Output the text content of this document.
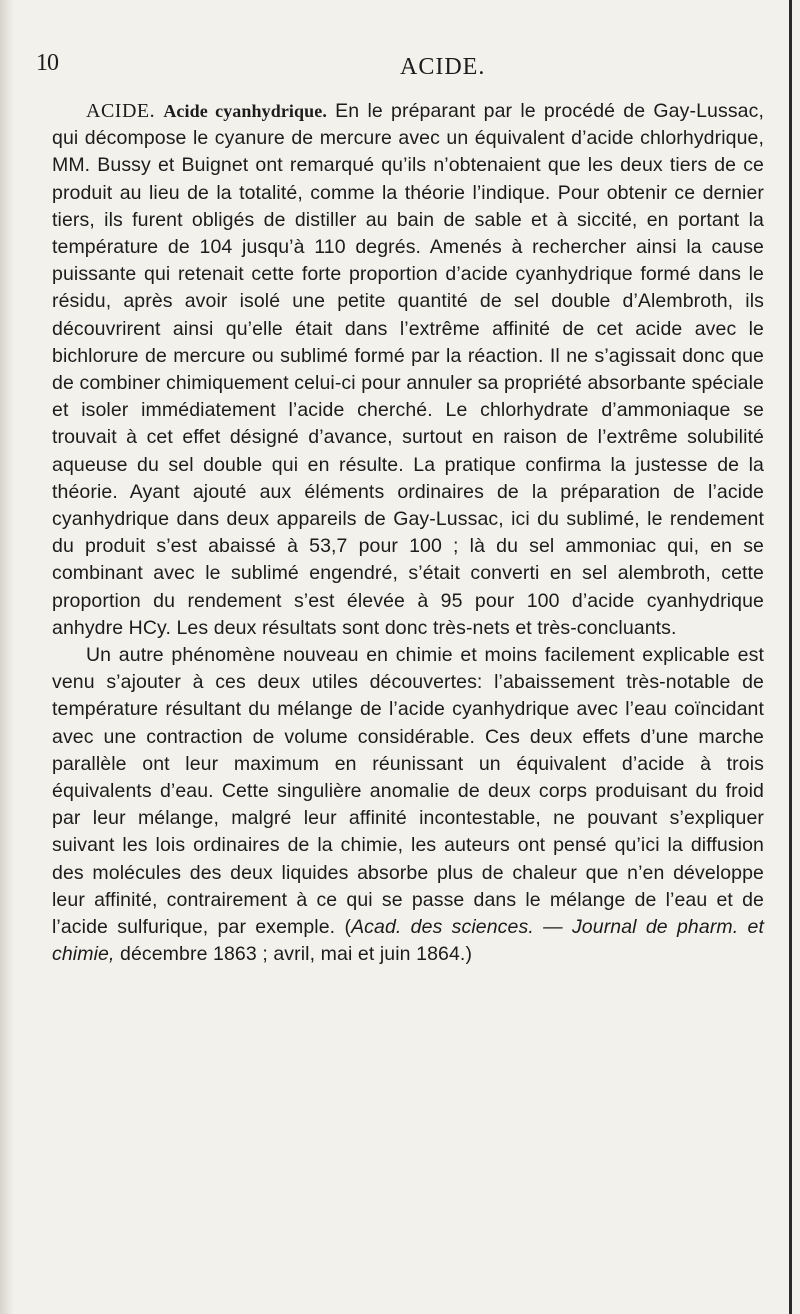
10	ACIDE.

ACIDE. Acide cyanhydrique. En le préparant par le procédé de Gay-Lussac, qui décompose le cyanure de mercure avec un équivalent d’acide chlorhydrique, MM. Bussy et Buignet ont remarqué qu’ils n’obtenaient que les deux tiers de ce produit au lieu de la totalité, comme la théorie l’indique. Pour obtenir ce dernier tiers, ils furent obligés de distiller au bain de sable et à siccité, en portant la température de 104 jusqu’à 110 degrés. Amenés à rechercher ainsi la cause puissante qui retenait cette forte proportion d’acide cyanhydrique formé dans le résidu, après avoir isolé une petite quantité de sel double d’Alembroth, ils découvrirent ainsi qu’elle était dans l’extrême affinité de cet acide avec le bichlorure de mercure ou sublimé formé par la réaction. Il ne s’agissait donc que de combiner chimiquement celui-ci pour annuler sa propriété absorbante spéciale et isoler immédiatement l’acide cherché. Le chlorhydrate d’ammoniaque se trouvait à cet effet désigné d’avance, surtout en raison de l’extrême solubilité aqueuse du sel double qui en résulte. La pratique confirma la justesse de la théorie. Ayant ajouté aux éléments ordinaires de la préparation de l’acide cyanhydrique dans deux appareils de Gay-Lussac, ici du sublimé, le rendement du produit s’est abaissé à 53,7 pour 100 ; là du sel ammoniac qui, en se combinant avec le sublimé engendré, s’était converti en sel alembroth, cette proportion du rendement s’est élevée à 95 pour 100 d’acide cyanhydrique anhydre HCy. Les deux résultats sont donc très-nets et très-concluants.

Un autre phénomène nouveau en chimie et moins facilement explicable est venu s’ajouter à ces deux utiles découvertes: l’abaissement très-notable de température résultant du mélange de l’acide cyanhydrique avec l’eau coïncidant avec une contraction de volume considérable. Ces deux effets d’une marche parallèle ont leur maximum en réunissant un équivalent d’acide à trois équivalents d’eau. Cette singulière anomalie de deux corps produisant du froid par leur mélange, malgré leur affinité incontestable, ne pouvant s’expliquer suivant les lois ordinaires de la chimie, les auteurs ont pensé qu’ici la diffusion des molécules des deux liquides absorbe plus de chaleur que n’en développe leur affinité, contrairement à ce qui se passe dans le mélange de l’eau et de l’acide sulfurique, par exemple. (Acad. des sciences. — Journal de pharm. et chimie, décembre 1863 ; avril, mai et juin 1864.)
